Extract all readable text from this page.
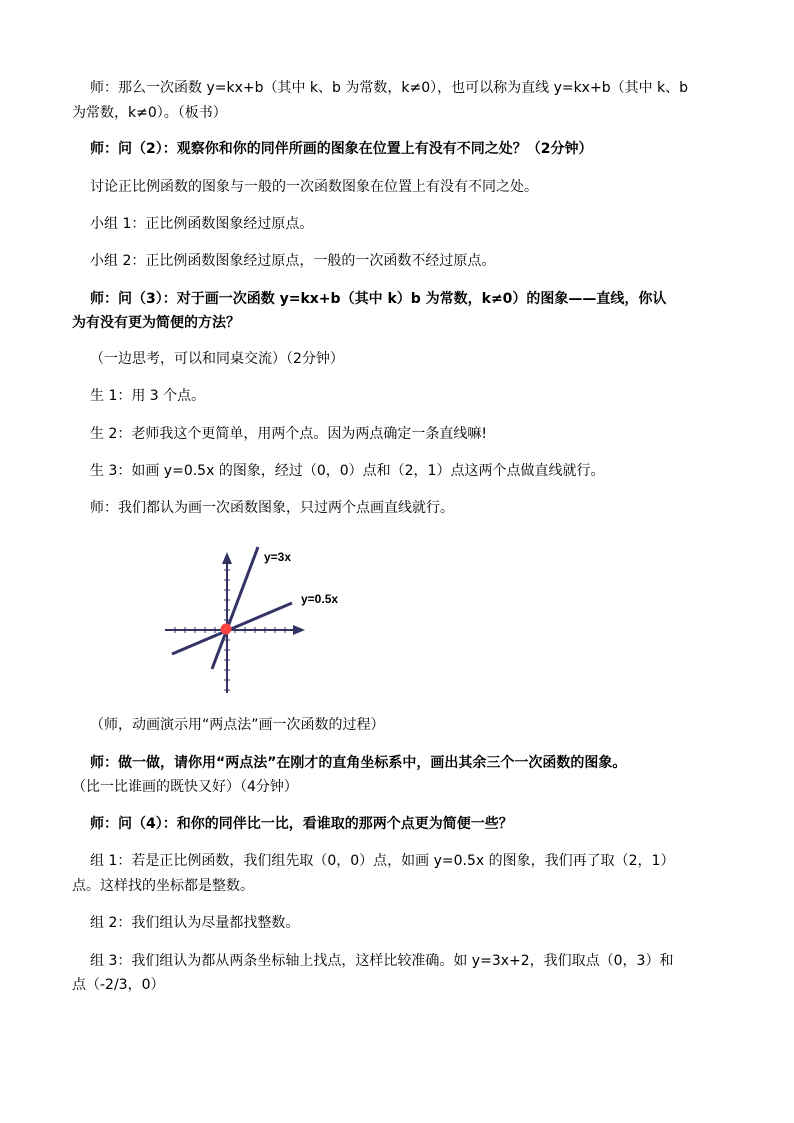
师：那么一次函数 y=kx+b（其中 k、b 为常数，k≠0），也可以称为直线 y=kx+b（其中 k、b

为常数，k≠0）。（板书）

师：问（2）：观察你和你的同伴所画的图象在位置上有没有不同之处？（2分钟）

讨论正比例函数的图象与一般的一次函数图象在位置上有没有不同之处。

小组 1：正比例函数图象经过原点。

小组 2：正比例函数图象经过原点，一般的一次函数不经过原点。

师：问（3）：对于画一次函数 y=kx+b（其中 k）b 为常数，k≠0）的图象——直线，你认

为有没有更为简便的方法？

（一边思考，可以和同桌交流）（2分钟）

生 1：用 3 个点。

生 2：老师我这个更简单，用两个点。因为两点确定一条直线嘛!

生 3：如画 y=0.5x 的图象，经过（0，0）点和（2，1）点这两个点做直线就行。

师：我们都认为画一次函数图象，只过两个点画直线就行。

y=3x
y=0.5x

（师，动画演示用“两点法”画一次函数的过程）

师：做一做，请你用“两点法”在刚才的直角坐标系中，画出其余三个一次函数的图象。

（比一比谁画的既快又好）（4分钟）

师：问（4）：和你的同伴比一比，看谁取的那两个点更为简便一些？

组 1：若是正比例函数，我们组先取（0，0）点，如画 y=0.5x 的图象，我们再了取（2，1）

点。这样找的坐标都是整数。

组 2：我们组认为尽量都找整数。

组 3：我们组认为都从两条坐标轴上找点，这样比较准确。如 y=3x+2，我们取点（0，3）和

点（-2/3，0）
